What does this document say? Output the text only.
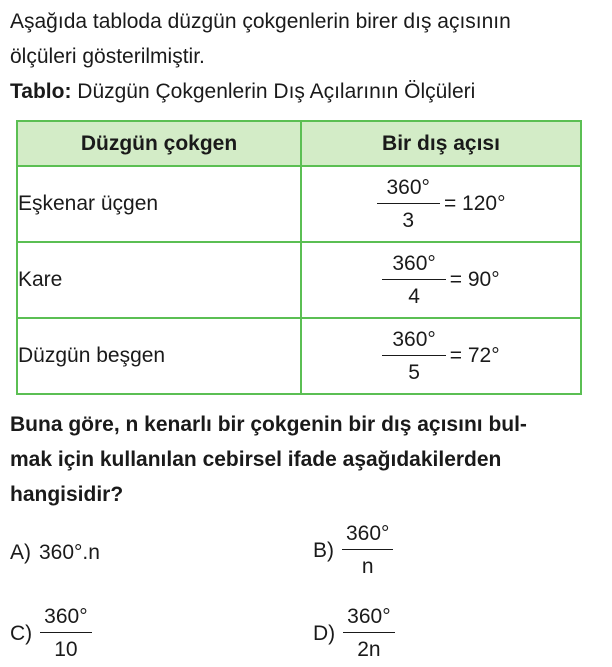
Aşağıda tabloda düzgün çokgenlerin birer dış açısının
ölçüleri gösterilmiştir.
Tablo: Düzgün Çokgenlerin Dış Açılarının Ölçüleri
Düzgün çokgen	Bir dış açısı
Eşkenar üçgen	$\frac{360^\circ}{3} = 120^\circ$

Kare	$\frac{360^\circ}{4} = 90^\circ$

Düzgün beşgen	$\frac{360^\circ}{5} = 72^\circ$
Buna göre, n kenarlı bir çokgenin bir dış açısını bul-
mak için kullanılan cebirsel ifade aşağıdakilerden
hangisidir?
A) 360°.n	$B) \frac{360^\circ}{n}$
$C) \frac{360^\circ}{10}$	$D) \frac{360^\circ}{2n}$
